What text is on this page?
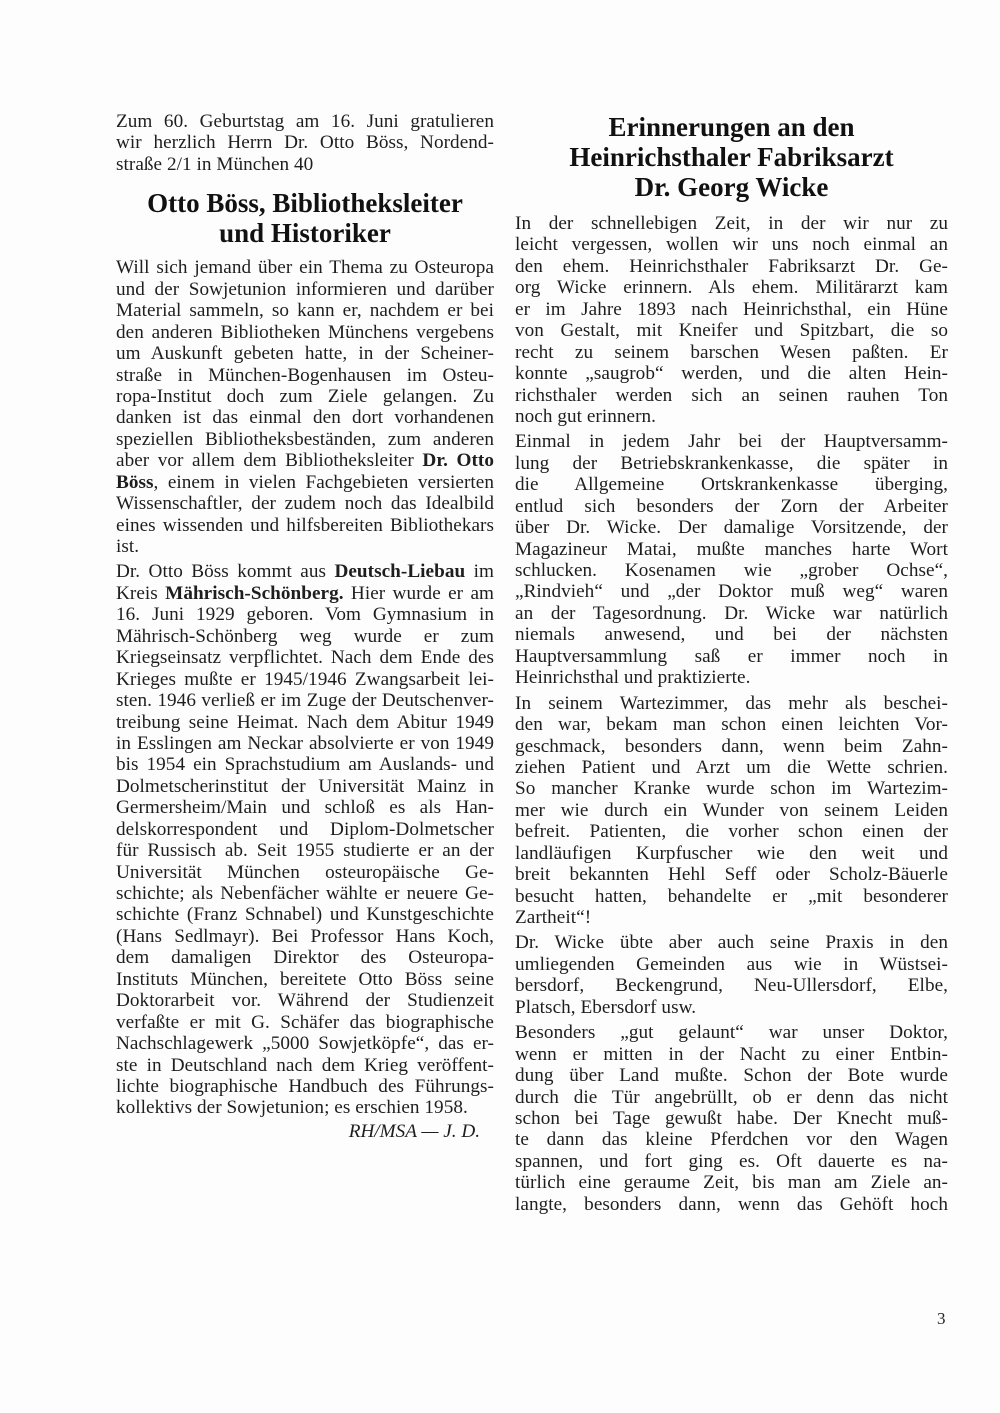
Zum 60. Geburtstag am 16. Juni gratulieren
wir herzlich Herrn Dr. Otto Böss, Nordend-
straße 2/1 in München 40
Otto Böss, Bibliotheksleiter
und Historiker
Will sich jemand über ein Thema zu Osteuropa
und der Sowjetunion informieren und darüber
Material sammeln, so kann er, nachdem er bei
den anderen Bibliotheken Münchens vergebens
um Auskunft gebeten hatte, in der Scheiner-
straße in München-Bogenhausen im Osteu-
ropa-Institut doch zum Ziele gelangen. Zu
danken ist das einmal den dort vorhandenen
speziellen Bibliotheksbeständen, zum anderen
aber vor allem dem Bibliotheksleiter Dr. Otto
Böss, einem in vielen Fachgebieten versierten
Wissenschaftler, der zudem noch das Idealbild
eines wissenden und hilfsbereiten Bibliothekars
ist.
Dr. Otto Böss kommt aus Deutsch-Liebau im
Kreis Mährisch-Schönberg. Hier wurde er am
16. Juni 1929 geboren. Vom Gymnasium in
Mährisch-Schönberg weg wurde er zum
Kriegseinsatz verpflichtet. Nach dem Ende des
Krieges mußte er 1945/1946 Zwangsarbeit lei-
sten. 1946 verließ er im Zuge der Deutschenver-
treibung seine Heimat. Nach dem Abitur 1949
in Esslingen am Neckar absolvierte er von 1949
bis 1954 ein Sprachstudium am Auslands- und
Dolmetscherinstitut der Universität Mainz in
Germersheim/Main und schloß es als Han-
delskorrespondent und Diplom-Dolmetscher
für Russisch ab. Seit 1955 studierte er an der
Universität München osteuropäische Ge-
schichte; als Nebenfächer wählte er neuere Ge-
schichte (Franz Schnabel) und Kunstgeschichte
(Hans Sedlmayr). Bei Professor Hans Koch,
dem damaligen Direktor des Osteuropa-
Instituts München, bereitete Otto Böss seine
Doktorarbeit vor. Während der Studienzeit
verfaßte er mit G. Schäfer das biographische
Nachschlagewerk „5000 Sowjetköpfe“, das er-
ste in Deutschland nach dem Krieg veröffent-
lichte biographische Handbuch des Führungs-
kollektivs der Sowjetunion; es erschien 1958.
RH/MSA — J. D.
Erinnerungen an den
Heinrichsthaler Fabriksarzt
Dr. Georg Wicke
In der schnellebigen Zeit, in der wir nur zu
leicht vergessen, wollen wir uns noch einmal an
den ehem. Heinrichsthaler Fabriksarzt Dr. Ge-
org Wicke erinnern. Als ehem. Militärarzt kam
er im Jahre 1893 nach Heinrichsthal, ein Hüne
von Gestalt, mit Kneifer und Spitzbart, die so
recht zu seinem barschen Wesen paßten. Er
konnte „saugrob“ werden, und die alten Hein-
richsthaler werden sich an seinen rauhen Ton
noch gut erinnern.
Einmal in jedem Jahr bei der Hauptversamm-
lung der Betriebskrankenkasse, die später in
die Allgemeine Ortskrankenkasse überging,
entlud sich besonders der Zorn der Arbeiter
über Dr. Wicke. Der damalige Vorsitzende, der
Magazineur Matai, mußte manches harte Wort
schlucken. Kosenamen wie „grober Ochse“,
„Rindvieh“ und „der Doktor muß weg“ waren
an der Tagesordnung. Dr. Wicke war natürlich
niemals anwesend, und bei der nächsten
Hauptversammlung saß er immer noch in
Heinrichsthal und praktizierte.
In seinem Wartezimmer, das mehr als beschei-
den war, bekam man schon einen leichten Vor-
geschmack, besonders dann, wenn beim Zahn-
ziehen Patient und Arzt um die Wette schrien.
So mancher Kranke wurde schon im Wartezim-
mer wie durch ein Wunder von seinem Leiden
befreit. Patienten, die vorher schon einen der
landläufigen Kurpfuscher wie den weit und
breit bekannten Hehl Seff oder Scholz-Bäuerle
besucht hatten, behandelte er „mit besonderer
Zartheit“!
Dr. Wicke übte aber auch seine Praxis in den
umliegenden Gemeinden aus wie in Wüstsei-
bersdorf, Beckengrund, Neu-Ullersdorf, Elbe,
Platsch, Ebersdorf usw.
Besonders „gut gelaunt“ war unser Doktor,
wenn er mitten in der Nacht zu einer Entbin-
dung über Land mußte. Schon der Bote wurde
durch die Tür angebrüllt, ob er denn das nicht
schon bei Tage gewußt habe. Der Knecht muß-
te dann das kleine Pferdchen vor den Wagen
spannen, und fort ging es. Oft dauerte es na-
türlich eine geraume Zeit, bis man am Ziele an-
langte, besonders dann, wenn das Gehöft hoch
3
